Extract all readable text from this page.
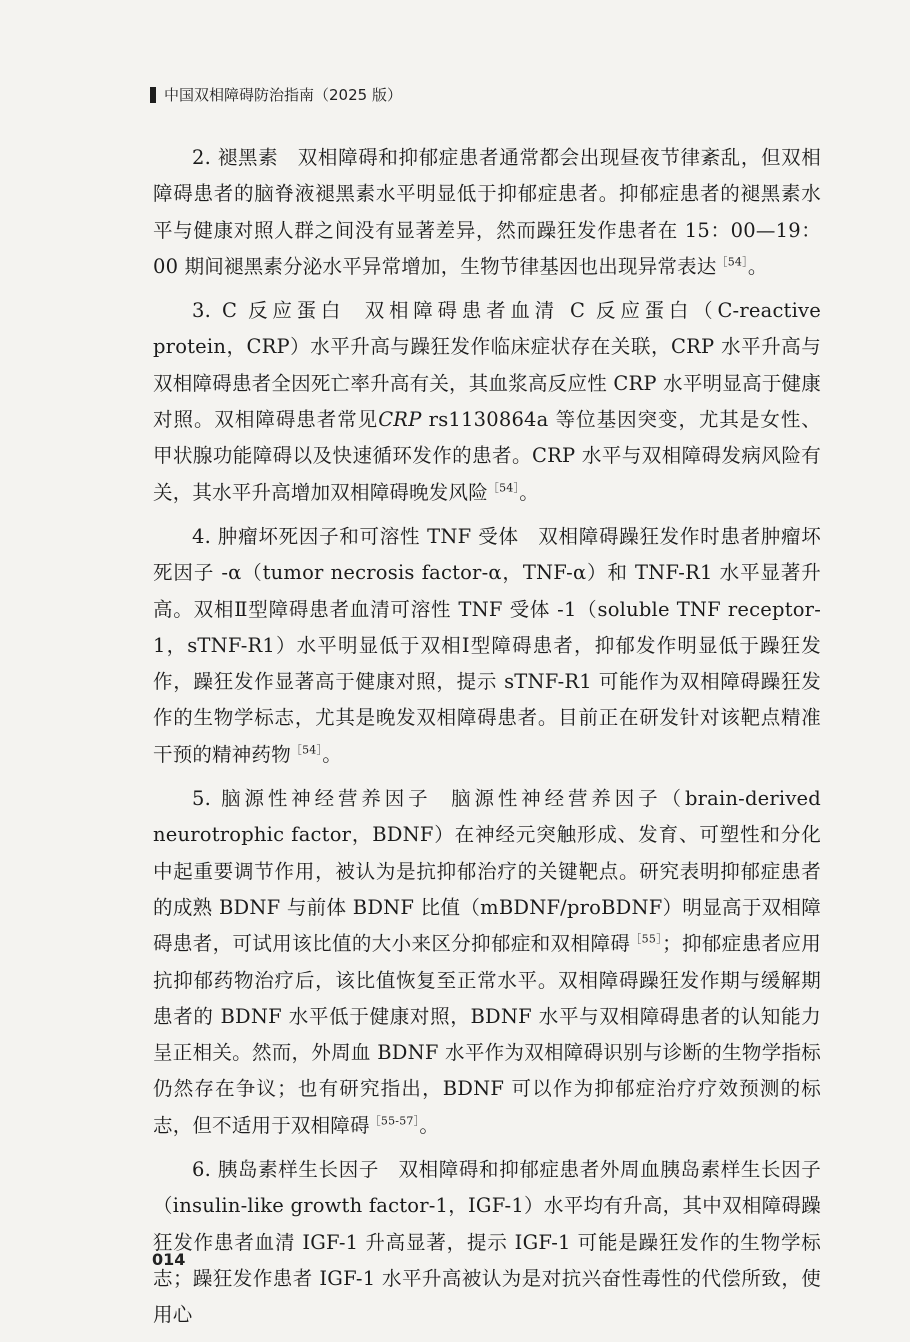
中国双相障碍防治指南（2025 版）

2. 褪黑素 双相障碍和抑郁症患者通常都会出现昼夜节律紊乱，但双相障碍患者的脑脊液褪黑素水平明显低于抑郁症患者。抑郁症患者的褪黑素水平与健康对照人群之间没有显著差异，然而躁狂发作患者在 15：00—19：00 期间褪黑素分泌水平异常增加，生物节律基因也出现异常表达$^{[54]}$。

3. C 反应蛋白 双相障碍患者血清 C 反应蛋白（C-reactive protein，CRP）水平升高与躁狂发作临床症状存在关联，CRP 水平升高与双相障碍患者全因死亡率升高有关，其血浆高反应性 CRP 水平明显高于健康对照。双相障碍患者常见CRP rs1130864a 等位基因突变，尤其是女性、甲状腺功能障碍以及快速循环发作的患者。CRP 水平与双相障碍发病风险有关，其水平升高增加双相障碍晚发风险$^{[54]}$。

4. 肿瘤坏死因子和可溶性 TNF 受体 双相障碍躁狂发作时患者肿瘤坏死因子 -α（tumor necrosis factor-α，TNF-α）和 TNF-R1 水平显著升高。双相Ⅱ型障碍患者血清可溶性 TNF 受体 -1（soluble TNF receptor-1，sTNF-R1）水平明显低于双相Ⅰ型障碍患者，抑郁发作明显低于躁狂发作，躁狂发作显著高于健康对照，提示 sTNF-R1 可能作为双相障碍躁狂发作的生物学标志，尤其是晚发双相障碍患者。目前正在研发针对该靶点精准干预的精神药物$^{[54]}$。

5. 脑源性神经营养因子 脑源性神经营养因子（brain-derived neurotrophic factor，BDNF）在神经元突触形成、发育、可塑性和分化中起重要调节作用，被认为是抗抑郁治疗的关键靶点。研究表明抑郁症患者的成熟 BDNF 与前体 BDNF 比值（mBDNF/proBDNF）明显高于双相障碍患者，可试用该比值的大小来区分抑郁症和双相障碍$^{[55]}$；抑郁症患者应用抗抑郁药物治疗后，该比值恢复至正常水平。双相障碍躁狂发作期与缓解期患者的 BDNF 水平低于健康对照，BDNF 水平与双相障碍患者的认知能力呈正相关。然而，外周血 BDNF 水平作为双相障碍识别与诊断的生物学指标仍然存在争议；也有研究指出，BDNF 可以作为抑郁症治疗疗效预测的标志，但不适用于双相障碍$^{[55-57]}$。

6. 胰岛素样生长因子 双相障碍和抑郁症患者外周血胰岛素样生长因子（insulin-like growth factor-1，IGF-1）水平均有升高，其中双相障碍躁狂发作患者血清 IGF-1 升高显著，提示 IGF-1 可能是躁狂发作的生物学标志；躁狂发作患者 IGF-1 水平升高被认为是对抗兴奋性毒性的代偿所致，使用心

014
